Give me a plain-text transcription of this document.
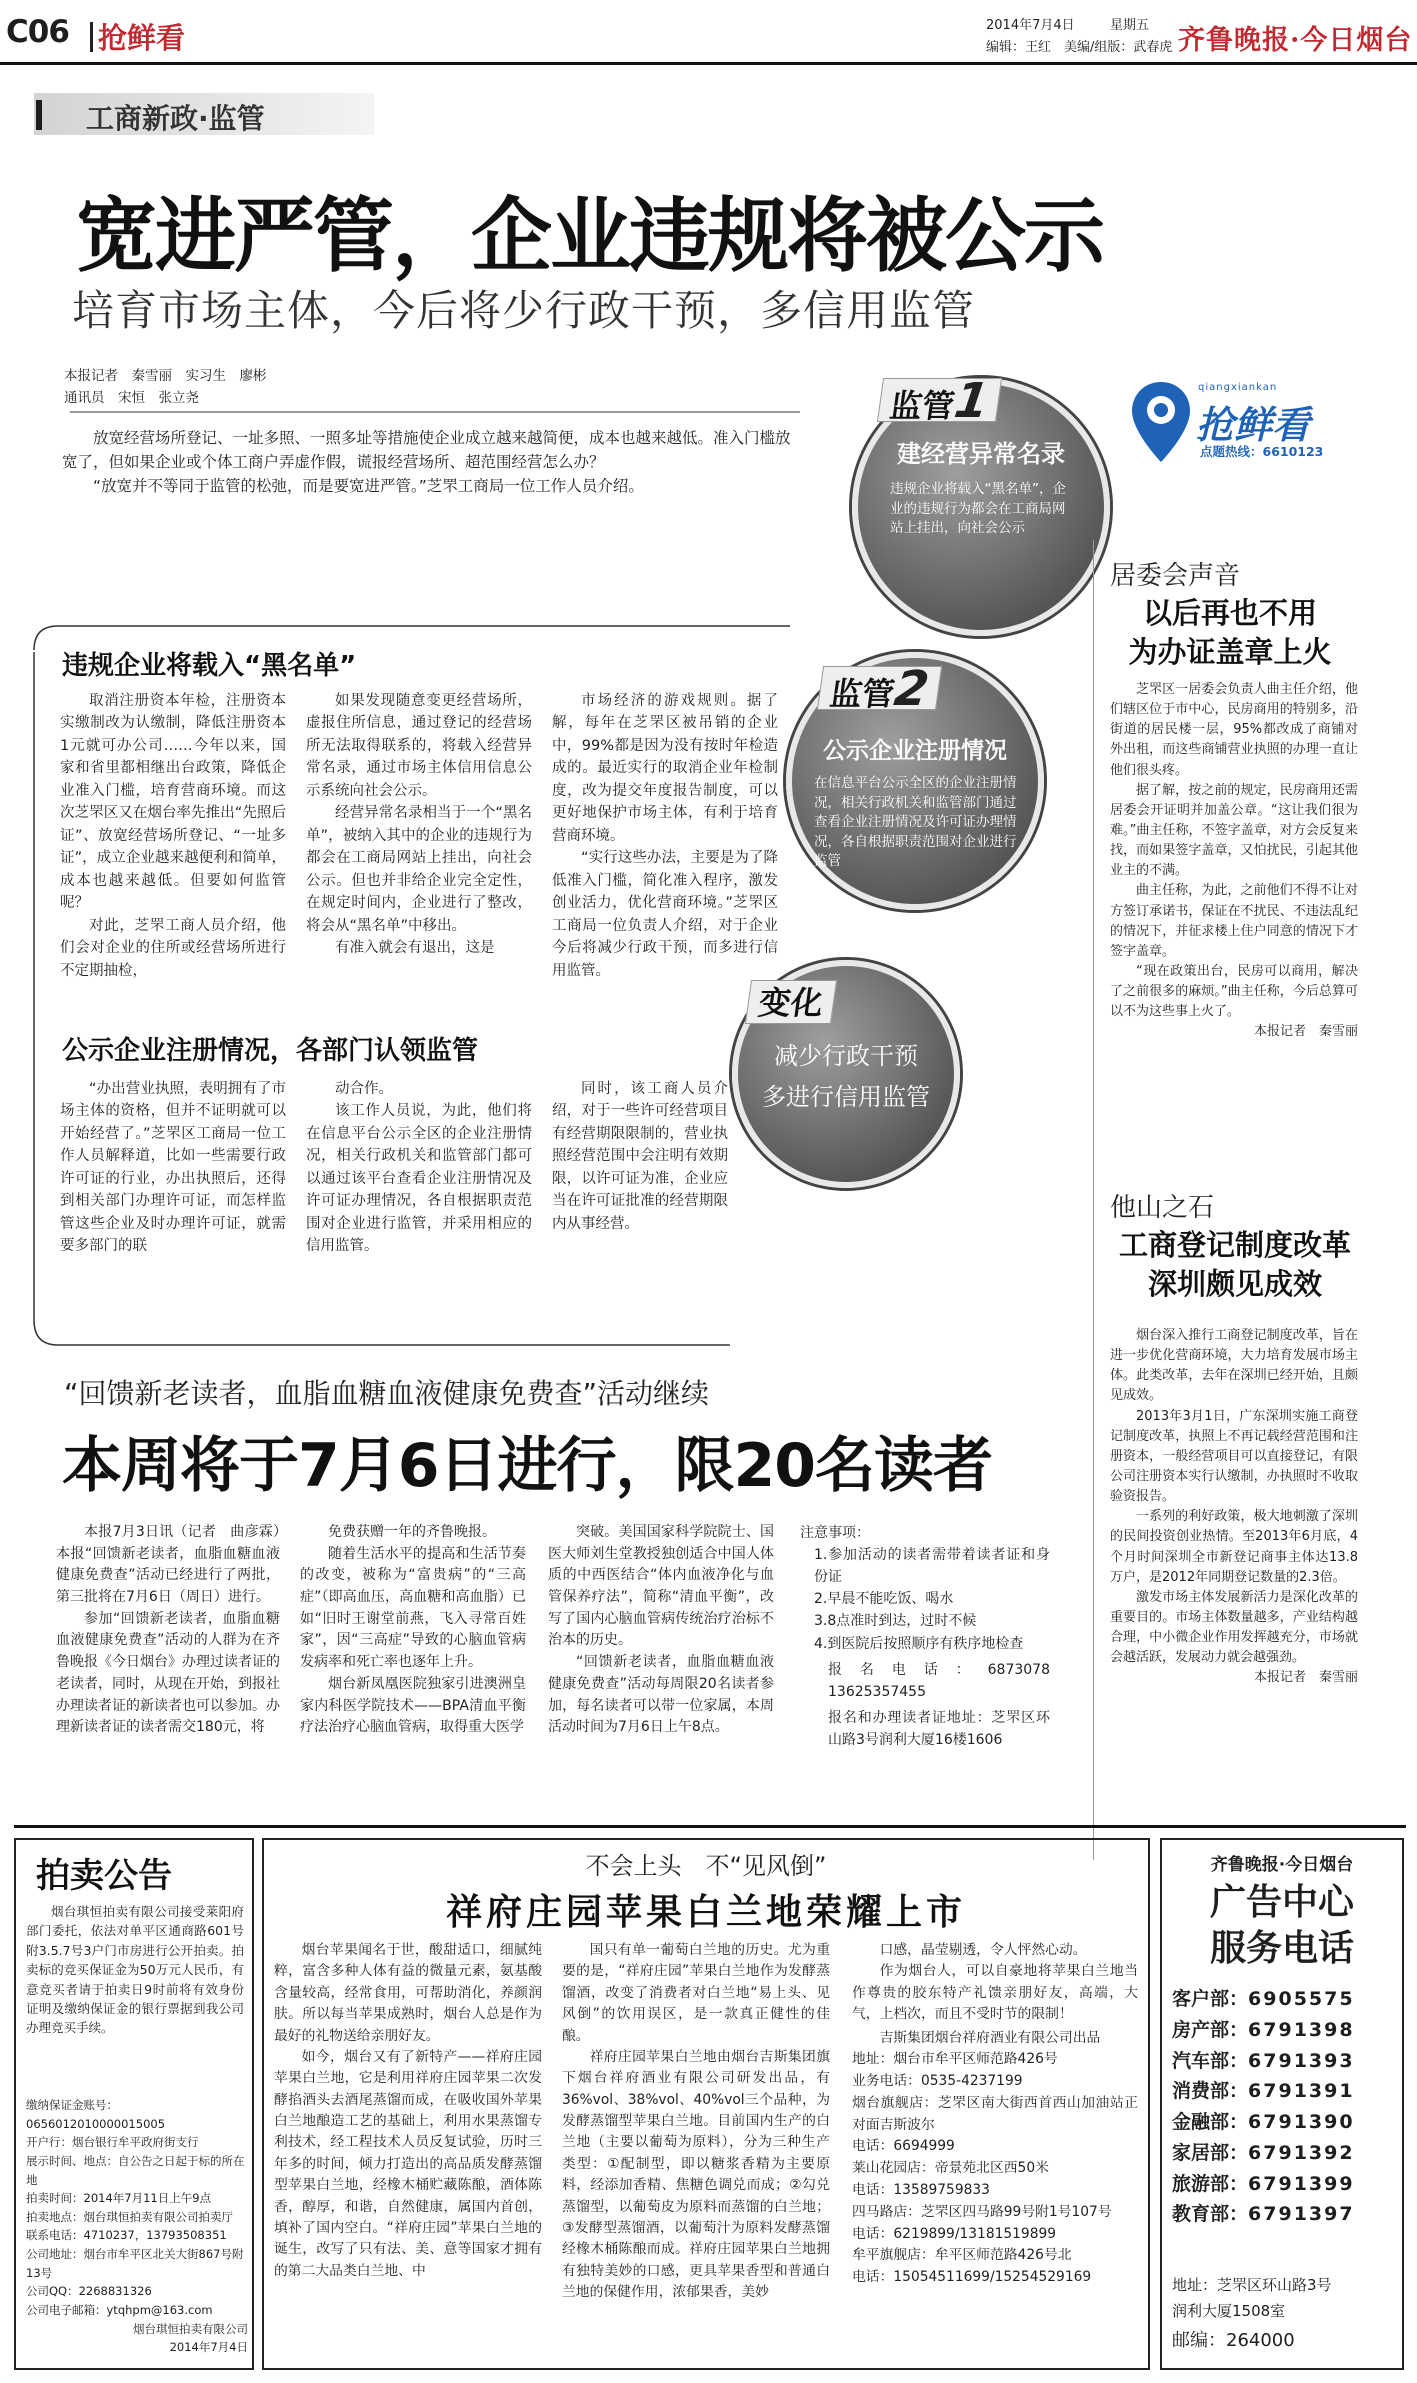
C06 抢鲜看	2014年7月4日	星期五
编辑：王红　美编/组版：武春虎 齐鲁晚报·今日烟台
工商新政·监管
宽进严管，企业违规将被公示
培育市场主体，今后将少行政干预，多信用监管
本报记者　秦雪丽　实习生　廖彬
通讯员　宋恒　张立尧

放宽经营场所登记、一址多照、一照多址等措施使企业成立越来越简便，成本也越来越低。准入门槛放宽了，但如果企业或个体工商户弄虚作假，谎报经营场所、超范围经营怎么办？

“放宽并不等同于监管的松弛，而是要宽进严管。”芝罘工商局一位工作人员介绍。

违规企业将载入“黑名单”

取消注册资本年检，注册资本实缴制改为认缴制，降低注册资本1元就可办公司……今年以来，国家和省里都相继出台政策，降低企业准入门槛，培育营商环境。而这次芝罘区又在烟台率先推出“先照后证”、放宽经营场所登记、“一址多证”，成立企业越来越便利和简单，成本也越来越低。但要如何监管呢？

对此，芝罘工商人员介绍，他们会对企业的住所或经营场所进行不定期抽检，

如果发现随意变更经营场所，虚报住所信息，通过登记的经营场所无法取得联系的，将载入经营异常名录，通过市场主体信用信息公示系统向社会公示。

经营异常名录相当于一个“黑名单”，被纳入其中的企业的违规行为都会在工商局网站上挂出，向社会公示。但也并非给企业完全定性，在规定时间内，企业进行了整改，将会从“黑名单”中移出。

有准入就会有退出，这是

市场经济的游戏规则。据了解，每年在芝罘区被吊销的企业中，99%都是因为没有按时年检造成的。最近实行的取消企业年检制度，改为提交年度报告制度，可以更好地保护市场主体，有利于培育营商环境。

“实行这些办法，主要是为了降低准入门槛，简化准入程序，激发创业活力，优化营商环境。”芝罘区工商局一位负责人介绍，对于企业今后将减少行政干预，而多进行信用监管。

公示企业注册情况，各部门认领监管

“办出营业执照，表明拥有了市场主体的资格，但并不证明就可以开始经营了。”芝罘区工商局一位工作人员解释道，比如一些需要行政许可证的行业，办出执照后，还得到相关部门办理许可证，而怎样监管这些企业及时办理许可证，就需要多部门的联

动合作。

该工作人员说，为此，他们将在信息平台公示全区的企业注册情况，相关行政机关和监管部门都可以通过该平台查看企业注册情况及许可证办理情况，各自根据职责范围对企业进行监管，并采用相应的信用监管。

同时，该工商人员介绍，对于一些许可经营项目有经营期限限制的，营业执照经营范围中会注明有效期限，以许可证为准，企业应当在许可证批准的经营期限内从事经营。

建经营异常名录
违规企业将载入“黑名单”，企业的违规行为都会在工商局网站上挂出，向社会公示
监管1
公示企业注册情况
在信息平台公示全区的企业注册情况，相关行政机关和监管部门通过查看企业注册情况及许可证办理情况，各自根据职责范围对企业进行监管
监管2
减少行政干预
多进行信用监管
变化
qiangxiankan
抢鲜看
点题热线：6610123
居委会声音
以后再也不用
为办证盖章上火

芝罘区一居委会负责人曲主任介绍，他们辖区位于市中心，民房商用的特别多，沿街道的居民楼一层，95%都改成了商铺对外出租，而这些商铺营业执照的办理一直让他们很头疼。

据了解，按之前的规定，民房商用还需居委会开证明并加盖公章。“这让我们很为难。”曲主任称，不签字盖章，对方会反复来找，而如果签字盖章，又怕扰民，引起其他业主的不满。

曲主任称，为此，之前他们不得不让对方签订承诺书，保证在不扰民、不违法乱纪的情况下，并征求楼上住户同意的情况下才签字盖章。

“现在政策出台，民房可以商用，解决了之前很多的麻烦。”曲主任称，今后总算可以不为这些事上火了。

本报记者　秦雪丽

他山之石
工商登记制度改革
深圳颇见成效

烟台深入推行工商登记制度改革，旨在进一步优化营商环境，大力培育发展市场主体。此类改革，去年在深圳已经开始，且颇见成效。

2013年3月1日，广东深圳实施工商登记制度改革，执照上不再记载经营范围和注册资本，一般经营项目可以直接登记，有限公司注册资本实行认缴制，办执照时不收取验资报告。

一系列的利好政策，极大地刺激了深圳的民间投资创业热情。至2013年6月底，4个月时间深圳全市新登记商事主体达13.8万户，是2012年同期登记数量的2.3倍。

激发市场主体发展新活力是深化改革的重要目的。市场主体数量越多，产业结构越合理，中小微企业作用发挥越充分，市场就会越活跃，发展动力就会越强劲。

本报记者　秦雪丽

“回馈新老读者，血脂血糖血液健康免费查”活动继续
本周将于7月6日进行，限20名读者

本报7月3日讯（记者　曲彦霖）本报“回馈新老读者，血脂血糖血液健康免费查”活动已经进行了两批，第三批将在7月6日（周日）进行。

参加“回馈新老读者，血脂血糖血液健康免费查”活动的人群为在齐鲁晚报《今日烟台》办理过读者证的老读者，同时，从现在开始，到报社办理读者证的新读者也可以参加。办理新读者证的读者需交180元，将

免费获赠一年的齐鲁晚报。

随着生活水平的提高和生活节奏的改变，被称为“富贵病”的“三高症”（即高血压，高血糖和高血脂）已如“旧时王谢堂前燕，飞入寻常百姓家”，因“三高症”导致的心脑血管病发病率和死亡率也逐年上升。

烟台新凤凰医院独家引进澳洲皇家内科医学院技术——BPA清血平衡疗法治疗心脑血管病，取得重大医学

突破。美国国家科学院院士、国医大师刘生堂教授独创适合中国人体质的中西医结合“体内血液净化与血管保养疗法”，简称“清血平衡”，改写了国内心脑血管病传统治疗治标不治本的历史。

“回馈新老读者，血脂血糖血液健康免费查”活动每周限20名读者参加，每名读者可以带一位家属，本周活动时间为7月6日上午8点。

注意事项：
1.参加活动的读者需带着读者证和身份证
2.早晨不能吃饭、喝水
3.8点准时到达，过时不候
4.到医院后按照顺序有秩序地检查
报名电话：6873078　13625357455
报名和办理读者证地址：芝罘区环山路3号润利大厦16楼1606
拍卖公告
烟台琪恒拍卖有限公司接受莱阳府部门委托，依法对单平区通商路601号附3.5.7号3户门市房进行公开拍卖。拍卖标的竞买保证金为50万元人民币，有意竞买者请于拍卖日9时前将有效身份证明及缴纳保证金的银行票据到我公司办理竞买手续。
缴纳保证金账号：0656012010000015005
开户行：烟台银行牟平政府街支行
展示时间、地点：自公告之日起于标的所在地
拍卖时间：2014年7月11日上午9点
拍卖地点：烟台琪恒拍卖有限公司拍卖厅
联系电话：4710237，13793508351
公司地址：烟台市牟平区北关大街867号附13号
公司QQ：2268831326
公司电子邮箱：ytqhpm@163.com
烟台琪恒拍卖有限公司
2014年7月4日
不会上头　不“见风倒”
祥府庄园苹果白兰地荣耀上市

烟台苹果闻名于世，酸甜适口，细腻纯粹，富含多种人体有益的微量元素，氨基酸含量较高，经常食用，可帮助消化，养颜润肤。所以每当苹果成熟时，烟台人总是作为最好的礼物送给亲朋好友。

如今，烟台又有了新特产——祥府庄园苹果白兰地，它是利用祥府庄园苹果二次发酵掐酒头去酒尾蒸馏而成，在吸收国外苹果白兰地酿造工艺的基础上，利用水果蒸馏专利技术，经工程技术人员反复试验，历时三年多的时间，倾力打造出的高品质发酵蒸馏型苹果白兰地，经橡木桶贮藏陈酿，酒体陈香，醇厚，和谐，自然健康，属国内首创，填补了国内空白。“祥府庄园”苹果白兰地的诞生，改写了只有法、美、意等国家才拥有的第二大品类白兰地、中

国只有单一葡萄白兰地的历史。尤为重要的是，“祥府庄园”苹果白兰地作为发酵蒸馏酒，改变了消费者对白兰地“易上头、见风倒”的饮用误区，是一款真正健性的佳酿。

祥府庄园苹果白兰地由烟台吉斯集团旗下烟台祥府酒业有限公司研发出品，有36%vol、38%vol、40%vol三个品种，为发酵蒸馏型苹果白兰地。目前国内生产的白兰地（主要以葡萄为原料），分为三种生产类型：①配制型，即以糖浆香精为主要原料，经添加香精、焦糖色调兑而成；②勾兑蒸馏型，以葡萄皮为原料而蒸馏的白兰地；③发酵型蒸馏酒，以葡萄汁为原料发酵蒸馏经橡木桶陈酿而成。祥府庄园苹果白兰地拥有独特美妙的口感，更具苹果香型和普通白兰地的保健作用，浓郁果香，美妙

口感，晶莹剔透，令人怦然心动。

作为烟台人，可以自豪地将苹果白兰地当作尊贵的胶东特产礼馈亲朋好友，高端，大气，上档次，而且不受时节的限制！

吉斯集团烟台祥府酒业有限公司出品
地址：烟台市牟平区师范路426号
业务电话：0535-4237199
烟台旗舰店：芝罘区南大街西首西山加油站正对面吉斯波尔
电话：6694999
莱山花园店：帝景苑北区西50米
电话：13589759833
四马路店：芝罘区四马路99号附1号107号
电话：6219899/13181519899
牟平旗舰店：牟平区师范路426号北
电话：15054511699/15254529169
齐鲁晚报·今日烟台
广告中心
服务电话
客户部：6905575
房产部：6791398
汽车部：6791393
消费部：6791391
金融部：6791390
家居部：6791392
旅游部：6791399
教育部：6791397
地址：芝罘区环山路3号
润利大厦1508室
邮编：264000
